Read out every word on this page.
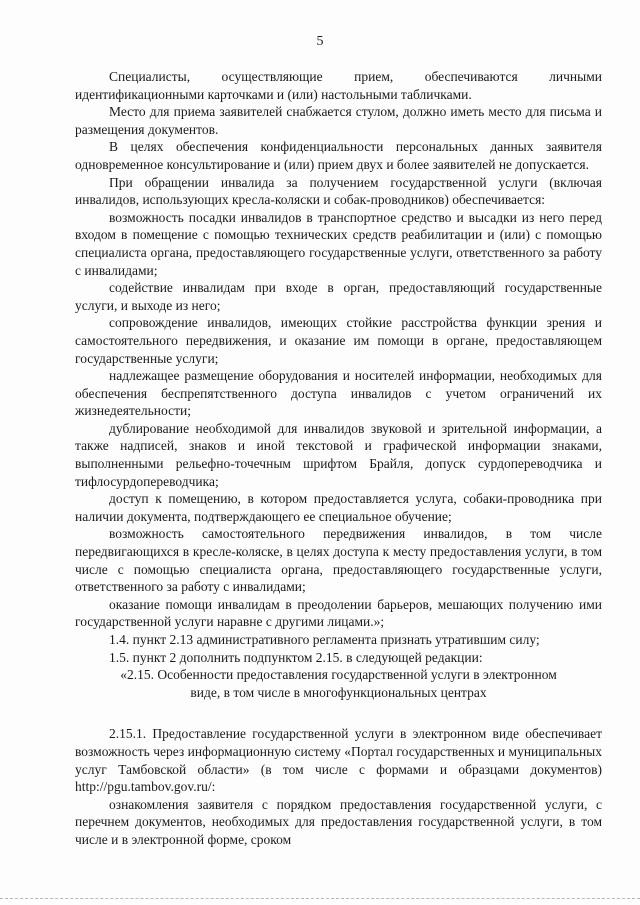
5

Специалисты, осуществляющие прием, обеспечиваются личными идентификационными карточками и (или) настольными табличками.

Место для приема заявителей снабжается стулом, должно иметь место для письма и размещения документов.

В целях обеспечения конфиденциальности персональных данных заявителя одновременное консультирование и (или) прием двух и более заявителей не допускается.

При обращении инвалида за получением государственной услуги (включая инвалидов, использующих кресла-коляски и собак-проводников) обеспечивается:

возможность посадки инвалидов в транспортное средство и высадки из него перед входом в помещение с помощью технических средств реабилитации и (или) с помощью специалиста органа, предоставляющего государственные услуги, ответственного за работу с инвалидами;

содействие инвалидам при входе в орган, предоставляющий государственные услуги, и выходе из него;

сопровождение инвалидов, имеющих стойкие расстройства функции зрения и самостоятельного передвижения, и оказание им помощи в органе, предоставляющем государственные услуги;

надлежащее размещение оборудования и носителей информации, необходимых для обеспечения беспрепятственного доступа инвалидов с учетом ограничений их жизнедеятельности;

дублирование необходимой для инвалидов звуковой и зрительной информации, а также надписей, знаков и иной текстовой и графической информации знаками, выполненными рельефно-точечным шрифтом Брайля, допуск сурдопереводчика и тифлосурдопереводчика;

доступ к помещению, в котором предоставляется услуга, собаки-проводника при наличии документа, подтверждающего ее специальное обучение;

возможность самостоятельного передвижения инвалидов, в том числе передвигающихся в кресле-коляске, в целях доступа к месту предоставления услуги, в том числе с помощью специалиста органа, предоставляющего государственные услуги, ответственного за работу с инвалидами;

оказание помощи инвалидам в преодолении барьеров, мешающих получению ими государственной услуги наравне с другими лицами.»;

1.4. пункт 2.13 административного регламента признать утратившим силу;

1.5. пункт 2 дополнить подпунктом 2.15. в следующей редакции:

«2.15. Особенности предоставления государственной услуги в электронном

виде, в том числе в многофункциональных центрах

2.15.1. Предоставление государственной услуги в электронном виде обеспечивает возможность через информационную систему «Портал государственных и муниципальных услуг Тамбовской области» (в том числе с формами и образцами документов) http://pgu.tambov.gov.ru/:

ознакомления заявителя с порядком предоставления государственной услуги, с перечнем документов, необходимых для предоставления государственной услуги, в том числе и в электронной форме, сроком
